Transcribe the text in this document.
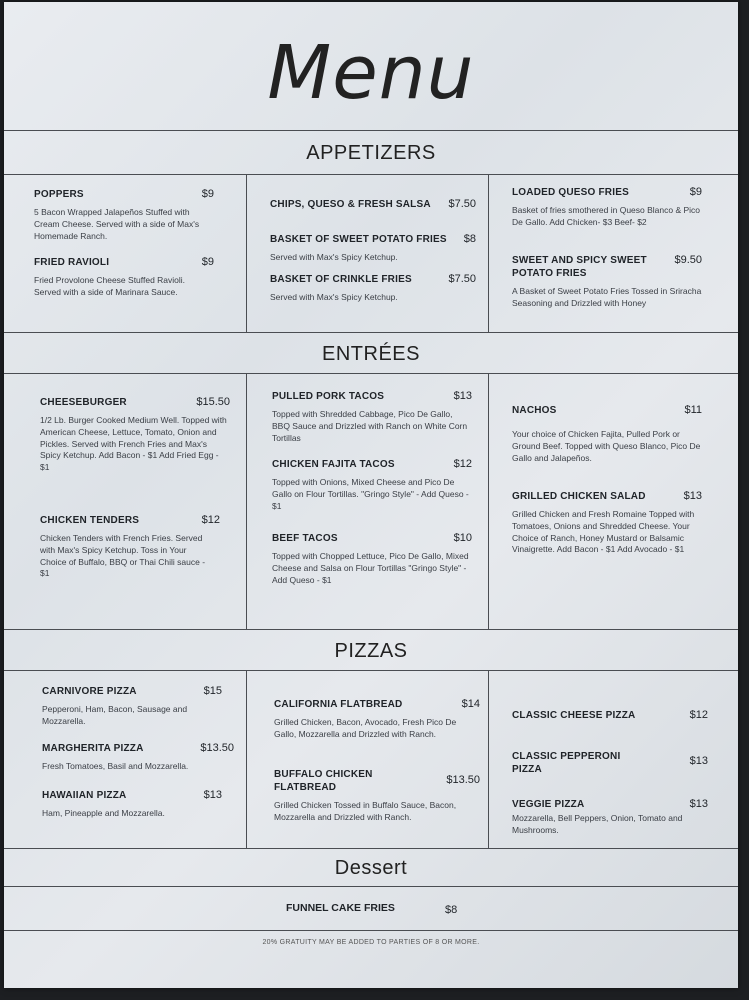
Menu
APPETIZERS
ENTRÉES
PIZZAS
Dessert
POPPERS	$9
5 Bacon Wrapped Jalapeños Stuffed with Cream Cheese. Served with a side of Max's Homemade Ranch.
FRIED RAVIOLI	$9
Fried Provolone Cheese Stuffed Ravioli. Served with a side of Marinara Sauce.
CHIPS, QUESO & FRESH SALSA	$7.50
BASKET OF SWEET POTATO FRIES	$8
Served with Max's Spicy Ketchup.
BASKET OF CRINKLE FRIES	$7.50
Served with Max's Spicy Ketchup.
LOADED QUESO FRIES	$9
Basket of fries smothered in Queso Blanco & Pico De Gallo. Add Chicken- $3 Beef- $2
SWEET AND SPICY SWEET POTATO FRIES
$9.50
A Basket of Sweet Potato Fries Tossed in Sriracha Seasoning and Drizzled with Honey
CHEESEBURGER	$15.50
1/2 Lb. Burger Cooked Medium Well. Topped with American Cheese, Lettuce, Tomato, Onion and Pickles. Served with French Fries and Max's Spicy Ketchup. Add Bacon - $1 Add Fried Egg - $1
CHICKEN TENDERS	$12
Chicken Tenders with French Fries. Served with Max's Spicy Ketchup. Toss in Your Choice of Buffalo, BBQ or Thai Chili sauce - $1
PULLED PORK TACOS	$13
Topped with Shredded Cabbage, Pico De Gallo, BBQ Sauce and Drizzled with Ranch on White Corn Tortillas
CHICKEN FAJITA TACOS	$12
Topped with Onions, Mixed Cheese and Pico De Gallo on Flour Tortillas. "Gringo Style" - Add Queso - $1
BEEF TACOS	$10
Topped with Chopped Lettuce, Pico De Gallo, Mixed Cheese and Salsa on Flour Tortillas "Gringo Style" - Add Queso - $1
NACHOS	$11
Your choice of Chicken Fajita, Pulled Pork or Ground Beef. Topped with Queso Blanco, Pico De Gallo and Jalapeños.
GRILLED CHICKEN SALAD	$13
Grilled Chicken and Fresh Romaine Topped with Tomatoes, Onions and Shredded Cheese. Your Choice of Ranch, Honey Mustard or Balsamic Vinaigrette. Add Bacon - $1 Add Avocado - $1
CARNIVORE PIZZA	$15
Pepperoni, Ham, Bacon, Sausage and Mozzarella.
MARGHERITA PIZZA	$13.50
Fresh Tomatoes, Basil and Mozzarella.
HAWAIIAN PIZZA	$13
Ham, Pineapple and Mozzarella.
CALIFORNIA FLATBREAD	$14
Grilled Chicken, Bacon, Avocado, Fresh Pico De Gallo, Mozzarella and Drizzled with Ranch.
BUFFALO CHICKEN FLATBREAD
$13.50
Grilled Chicken Tossed in Buffalo Sauce, Bacon, Mozzarella and Drizzled with Ranch.
CLASSIC CHEESE PIZZA	$12
CLASSIC PEPPERONI PIZZA
$13
VEGGIE PIZZA	$13
Mozzarella, Bell Peppers, Onion, Tomato and Mushrooms.
FUNNEL CAKE FRIES	$8
20% GRATUITY MAY BE ADDED TO PARTIES OF 8 OR MORE.
